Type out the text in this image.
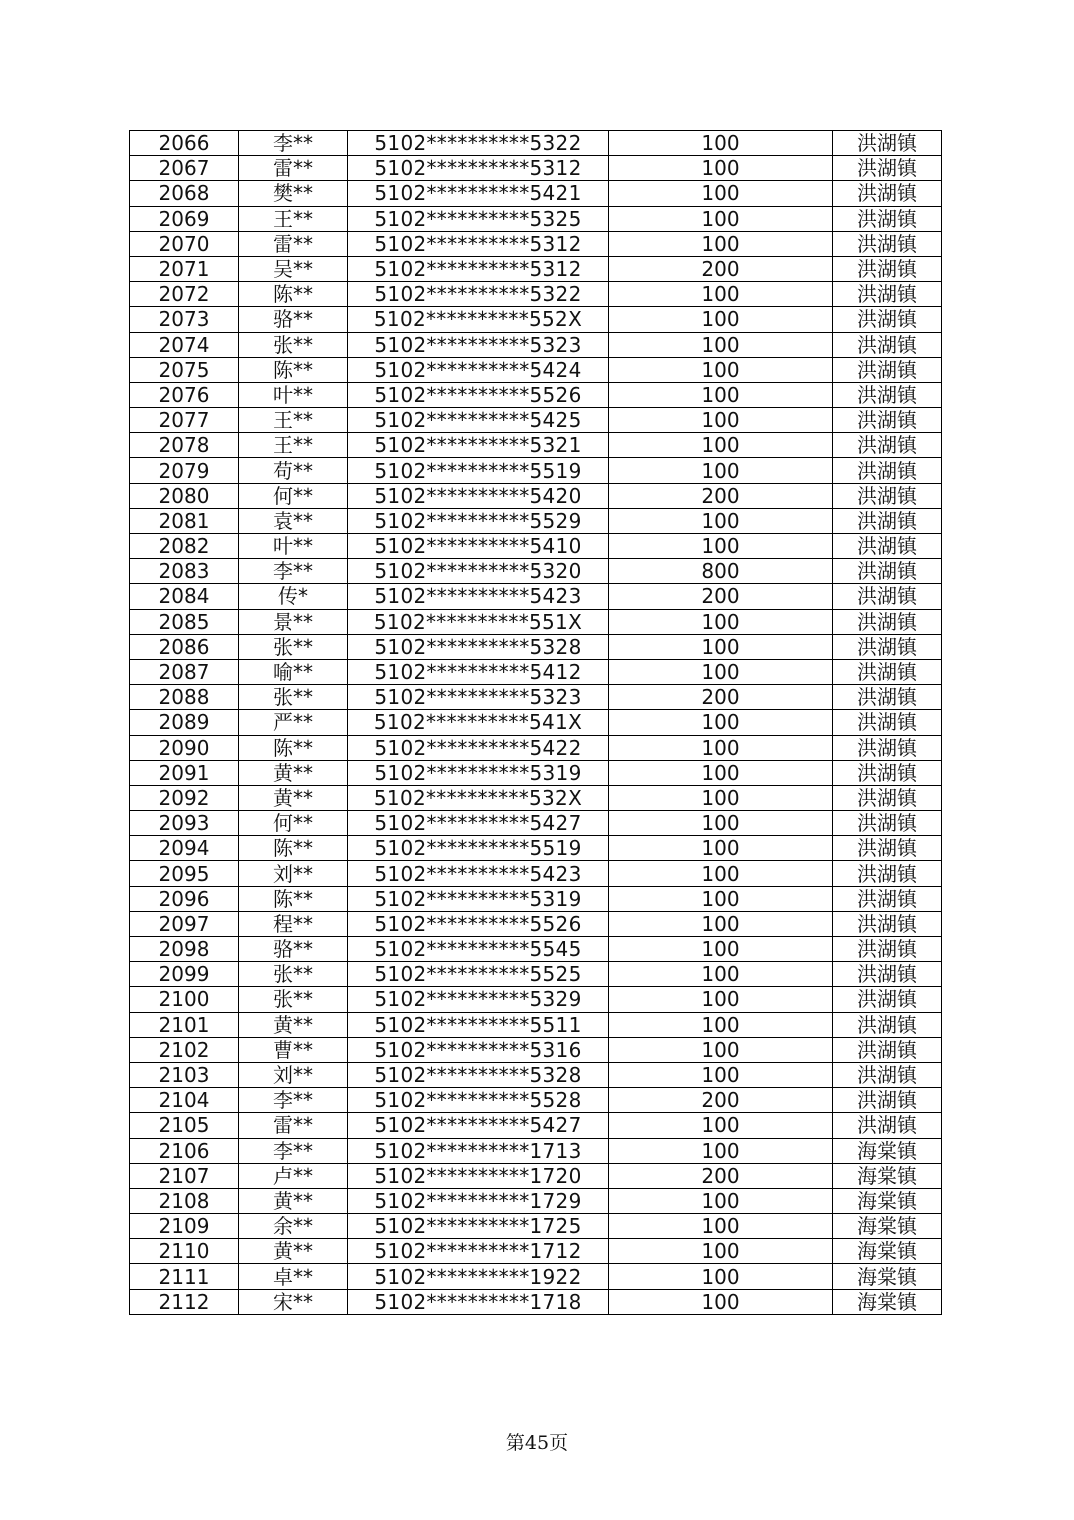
2066	李**	5102**********5322	100	洪湖镇
2067	雷**	5102**********5312	100	洪湖镇
2068	樊**	5102**********5421	100	洪湖镇
2069	王**	5102**********5325	100	洪湖镇
2070	雷**	5102**********5312	100	洪湖镇
2071	吴**	5102**********5312	200	洪湖镇
2072	陈**	5102**********5322	100	洪湖镇
2073	骆**	5102**********552X	100	洪湖镇
2074	张**	5102**********5323	100	洪湖镇
2075	陈**	5102**********5424	100	洪湖镇
2076	叶**	5102**********5526	100	洪湖镇
2077	王**	5102**********5425	100	洪湖镇
2078	王**	5102**********5321	100	洪湖镇
2079	苟**	5102**********5519	100	洪湖镇
2080	何**	5102**********5420	200	洪湖镇
2081	袁**	5102**********5529	100	洪湖镇
2082	叶**	5102**********5410	100	洪湖镇
2083	李**	5102**********5320	800	洪湖镇
2084	传*	5102**********5423	200	洪湖镇
2085	景**	5102**********551X	100	洪湖镇
2086	张**	5102**********5328	100	洪湖镇
2087	喻**	5102**********5412	100	洪湖镇
2088	张**	5102**********5323	200	洪湖镇
2089	严**	5102**********541X	100	洪湖镇
2090	陈**	5102**********5422	100	洪湖镇
2091	黄**	5102**********5319	100	洪湖镇
2092	黄**	5102**********532X	100	洪湖镇
2093	何**	5102**********5427	100	洪湖镇
2094	陈**	5102**********5519	100	洪湖镇
2095	刘**	5102**********5423	100	洪湖镇
2096	陈**	5102**********5319	100	洪湖镇
2097	程**	5102**********5526	100	洪湖镇
2098	骆**	5102**********5545	100	洪湖镇
2099	张**	5102**********5525	100	洪湖镇
2100	张**	5102**********5329	100	洪湖镇
2101	黄**	5102**********5511	100	洪湖镇
2102	曹**	5102**********5316	100	洪湖镇
2103	刘**	5102**********5328	100	洪湖镇
2104	李**	5102**********5528	200	洪湖镇
2105	雷**	5102**********5427	100	洪湖镇
2106	李**	5102**********1713	100	海棠镇
2107	卢**	5102**********1720	200	海棠镇
2108	黄**	5102**********1729	100	海棠镇
2109	余**	5102**********1725	100	海棠镇
2110	黄**	5102**********1712	100	海棠镇
2111	卓**	5102**********1922	100	海棠镇
2112	宋**	5102**********1718	100	海棠镇
第45页
